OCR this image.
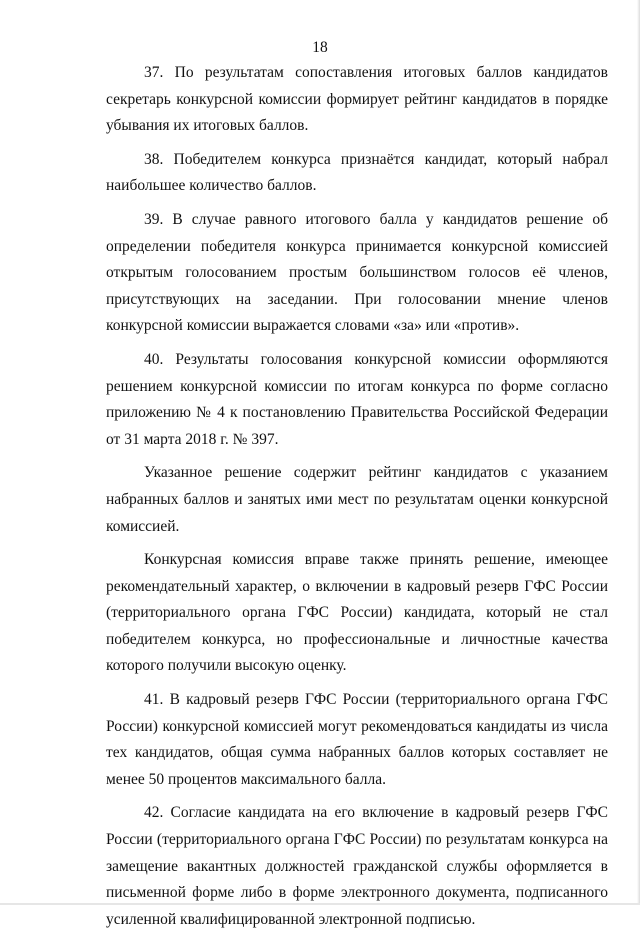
18

37. По результатам сопоставления итоговых баллов кандидатов секретарь конкурсной комиссии формирует рейтинг кандидатов в порядке убывания их итоговых баллов.

38. Победителем конкурса признаётся кандидат, который набрал наибольшее количество баллов.

39. В случае равного итогового балла у кандидатов решение об определении победителя конкурса принимается конкурсной комиссией открытым голосованием простым большинством голосов её членов, присутствующих на заседании. При голосовании мнение членов конкурсной комиссии выражается словами «за» или «против».

40. Результаты голосования конкурсной комиссии оформляются решением конкурсной комиссии по итогам конкурса по форме согласно приложению № 4 к постановлению Правительства Российской Федерации от 31 марта 2018 г. № 397.

Указанное решение содержит рейтинг кандидатов с указанием набранных баллов и занятых ими мест по результатам оценки конкурсной комиссией.

Конкурсная комиссия вправе также принять решение, имеющее рекомендательный характер, о включении в кадровый резерв ГФС России (территориального органа ГФС России) кандидата, который не стал победителем конкурса, но профессиональные и личностные качества которого получили высокую оценку.

41. В кадровый резерв ГФС России (территориального органа ГФС России) конкурсной комиссией могут рекомендоваться кандидаты из числа тех кандидатов, общая сумма набранных баллов которых составляет не менее 50 процентов максимального балла.

42. Согласие кандидата на его включение в кадровый резерв ГФС России (территориального органа ГФС России) по результатам конкурса на замещение вакантных должностей гражданской службы оформляется в письменной форме либо в форме электронного документа, подписанного усиленной квалифицированной электронной подписью.
